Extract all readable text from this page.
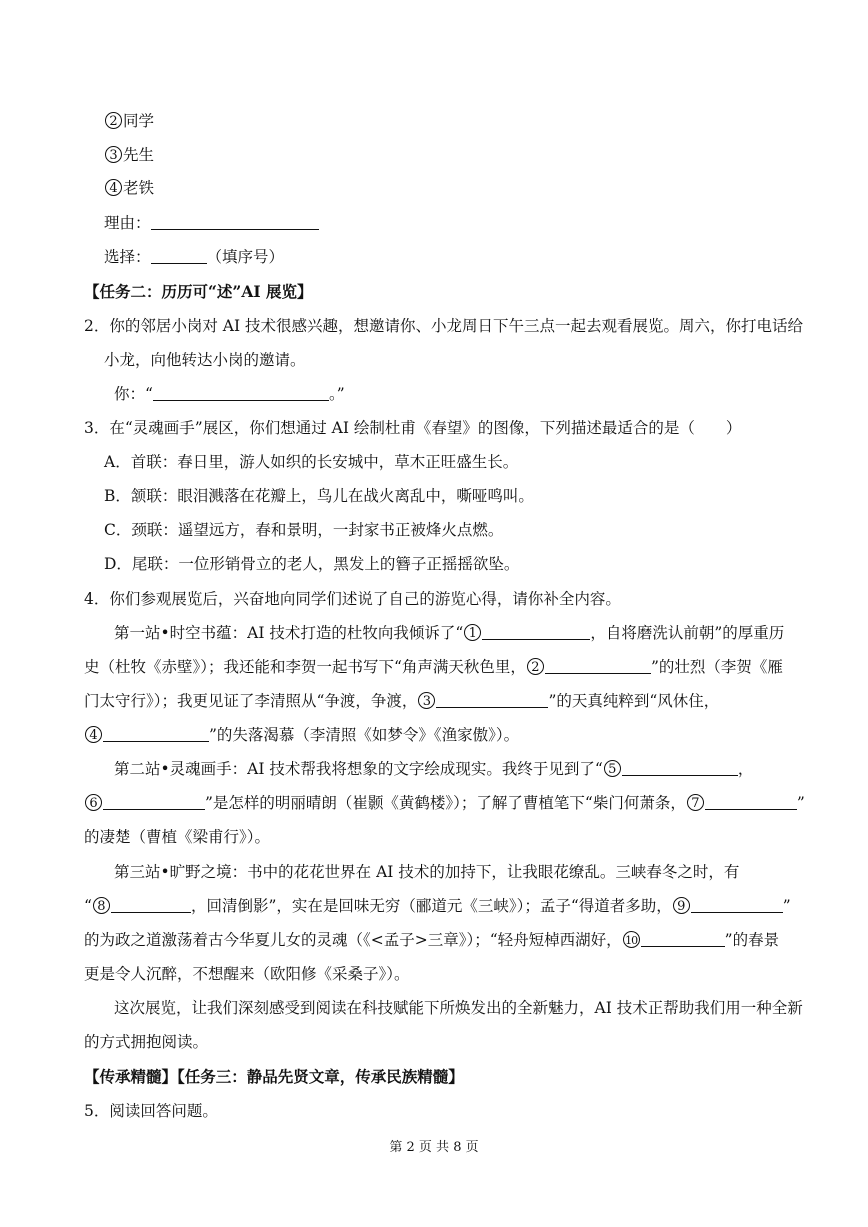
2 同学
3 先生
4 老铁
理由：
选择：	（填序号）
【任务二：历历可“述”AI 展览】
2．你的邻居小岗对 AI 技术很感兴趣，想邀请你、小龙周日下午三点一起去观看展览。周六，你打电话给
小龙，向他转达小岗的邀请。
你：“	。”
3．在“灵魂画手”展区，你们想通过 AI 绘制杜甫《春望》的图像，下列描述最适合的是（　　）
A．首联：春日里，游人如织的长安城中，草木正旺盛生长。
B．颔联：眼泪溅落在花瓣上，鸟儿在战火离乱中，嘶哑鸣叫。
C．颈联：遥望远方，春和景明，一封家书正被烽火点燃。
D．尾联：一位形销骨立的老人，黑发上的簪子正摇摇欲坠。
4．你们参观展览后，兴奋地向同学们述说了自己的游览心得，请你补全内容。
第一站•时空书蕴：AI 技术打造的杜牧向我倾诉了“ 1	，自将磨洗认前朝”的厚重历
史（杜牧《赤壁》）；我还能和李贺一起书写下“角声满天秋色里， 2	”的壮烈（李贺《雁
门太守行》）；我更见证了李清照从“争渡，争渡， 3	”的天真纯粹到“风休住，
4	”的失落渴慕（李清照《如梦令》《渔家傲》）。
第二站•灵魂画手：AI 技术帮我将想象的文字绘成现实。我终于见到了“ 5	，
6	”是怎样的明丽晴朗（崔颢《黄鹤楼》）；了解了曹植笔下“柴门何萧条， 7	”
的凄楚（曹植《梁甫行》）。
第三站•旷野之境：书中的花花世界在 AI 技术的加持下，让我眼花缭乱。三峡春冬之时，有
“ 8	，回清倒影”，实在是回味无穷（郦道元《三峡》）；孟子“得道者多助， 9	”
的为政之道激荡着古今华夏儿女的灵魂（《<孟子>三章》）；“轻舟短棹西湖好， 10	”的春景
更是令人沉醉，不想醒来（欧阳修《采桑子》）。
这次展览，让我们深刻感受到阅读在科技赋能下所焕发出的全新魅力，AI 技术正帮助我们用一种全新
的方式拥抱阅读。
【传承精髓】【任务三：静品先贤文章，传承民族精髓】
5．阅读回答问题。
第 2 页 共 8 页
